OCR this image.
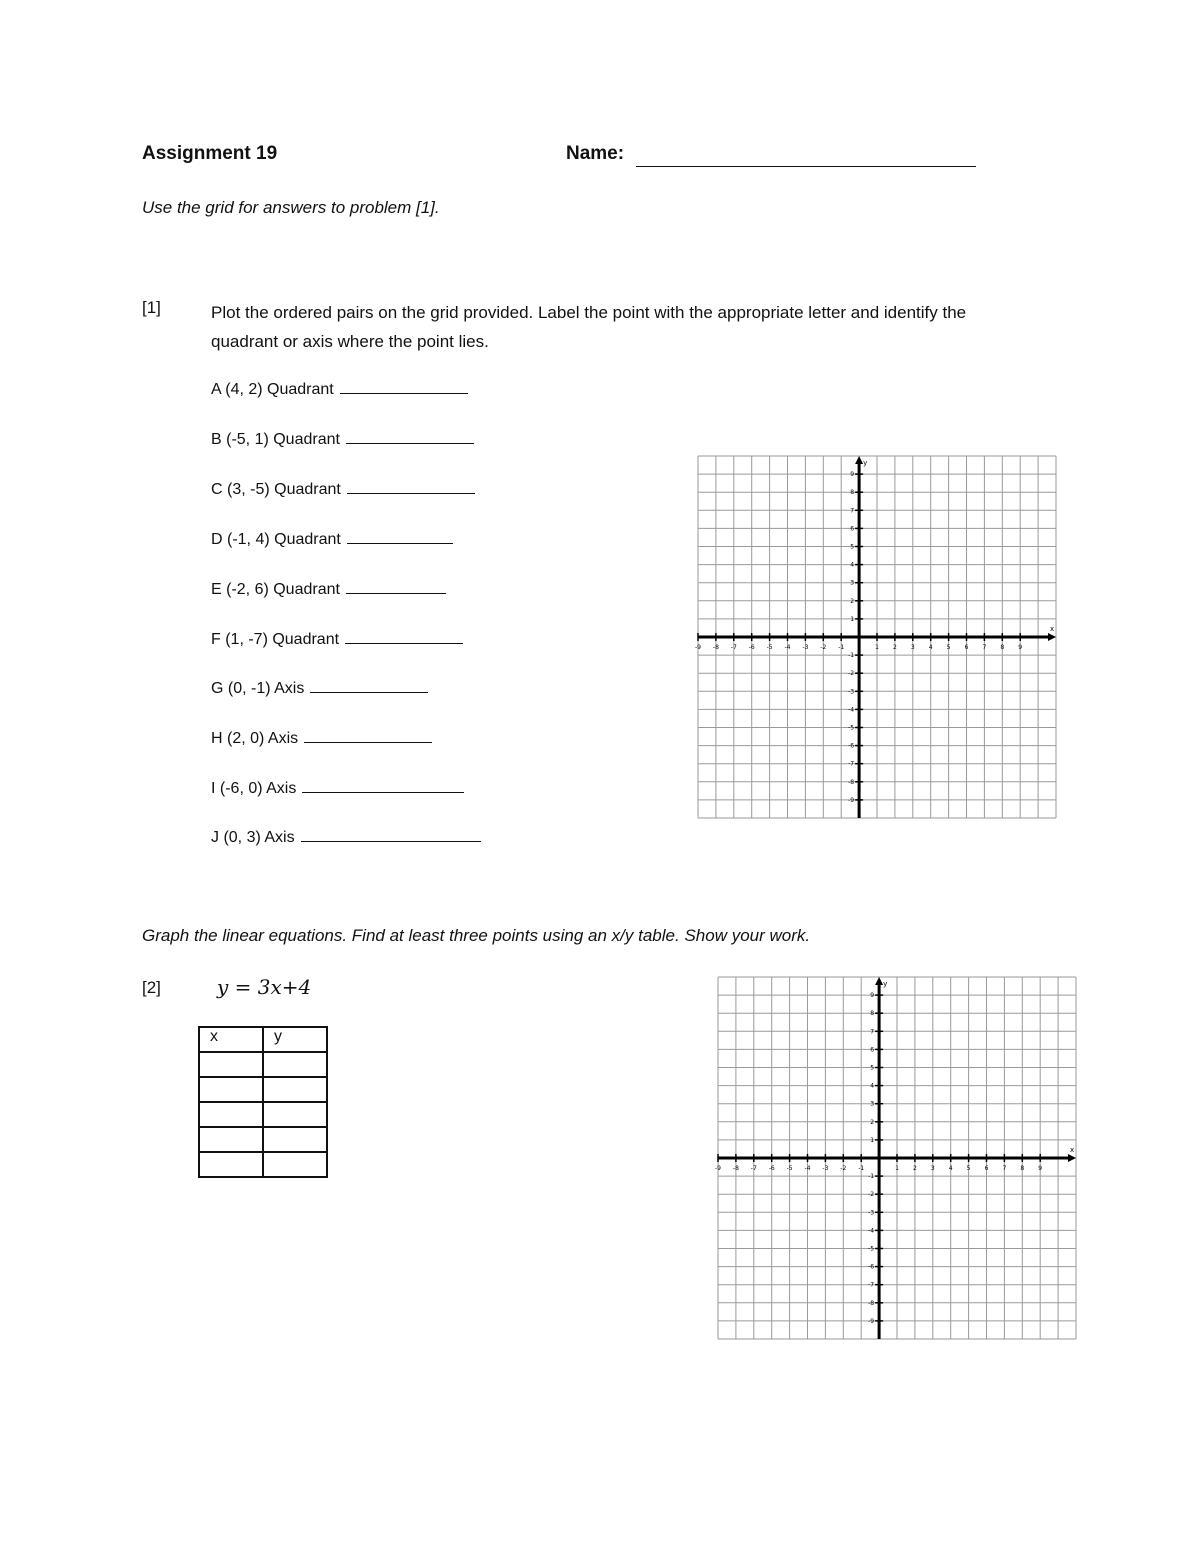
Assignment 19	Name:
Use the grid for answers to problem [1].
[1]	Plot the ordered pairs on the grid provided. Label the point with the appropriate letter and identify the quadrant or axis where the point lies.
A (4, 2) Quadrant
B (-5, 1) Quadrant
C (3, -5) Quadrant
D (-1, 4) Quadrant
E (-2, 6) Quadrant
F (1, -7) Quadrant
G (0, -1) Axis
H (2, 0) Axis
I (-6, 0) Axis
J (0, 3) Axis
x
y
-9 -8 -7 -6 -5 -4 -3 -2 -1	1 2 3 4 5 6 7 8 9
9
8
7
6
5
4
3
2
1
-1
-2
-3
-4
-5
-6
-7
-8
-9
Graph the linear equations. Find at least three points using an x/y table. Show your work.
[2]	y = 3x+4
x	y

x
y
-9 -8 -7 -6 -5 -4 -3 -2 -1	1 2 3 4 5 6 7 8 9
9
8
7
6
5
4
3
2
1
-1
-2
-3
-4
-5
-6
-7
-8
-9
